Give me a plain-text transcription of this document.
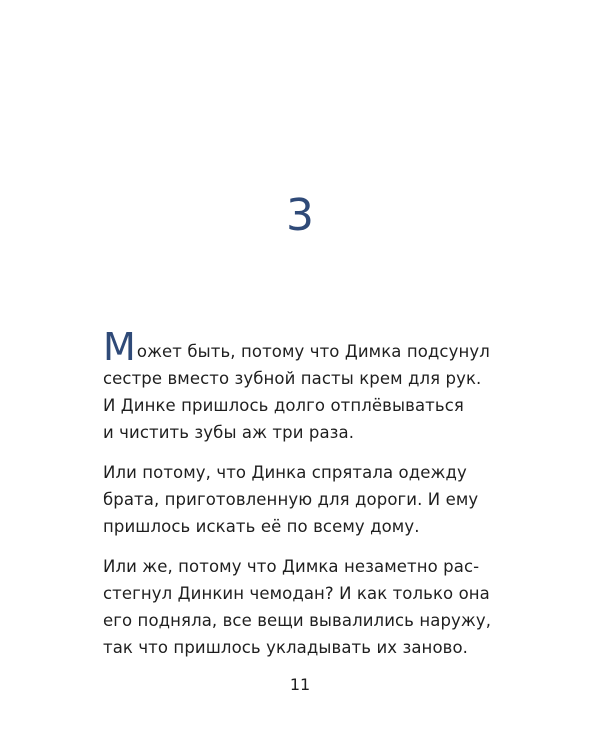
3

Может быть, потому что Димка подсунул
сестре вместо зубной пасты крем для рук.
И Динке пришлось долго отплёвываться
и чистить зубы аж три раза.

Или потому, что Динка спрятала одежду
брата, приготовленную для дороги. И ему
пришлось искать её по всему дому.

Или же, потому что Димка незаметно рас-
стегнул Динкин чемодан? И как только она
его подняла, все вещи вывалились наружу,
так что пришлось укладывать их заново.

11
